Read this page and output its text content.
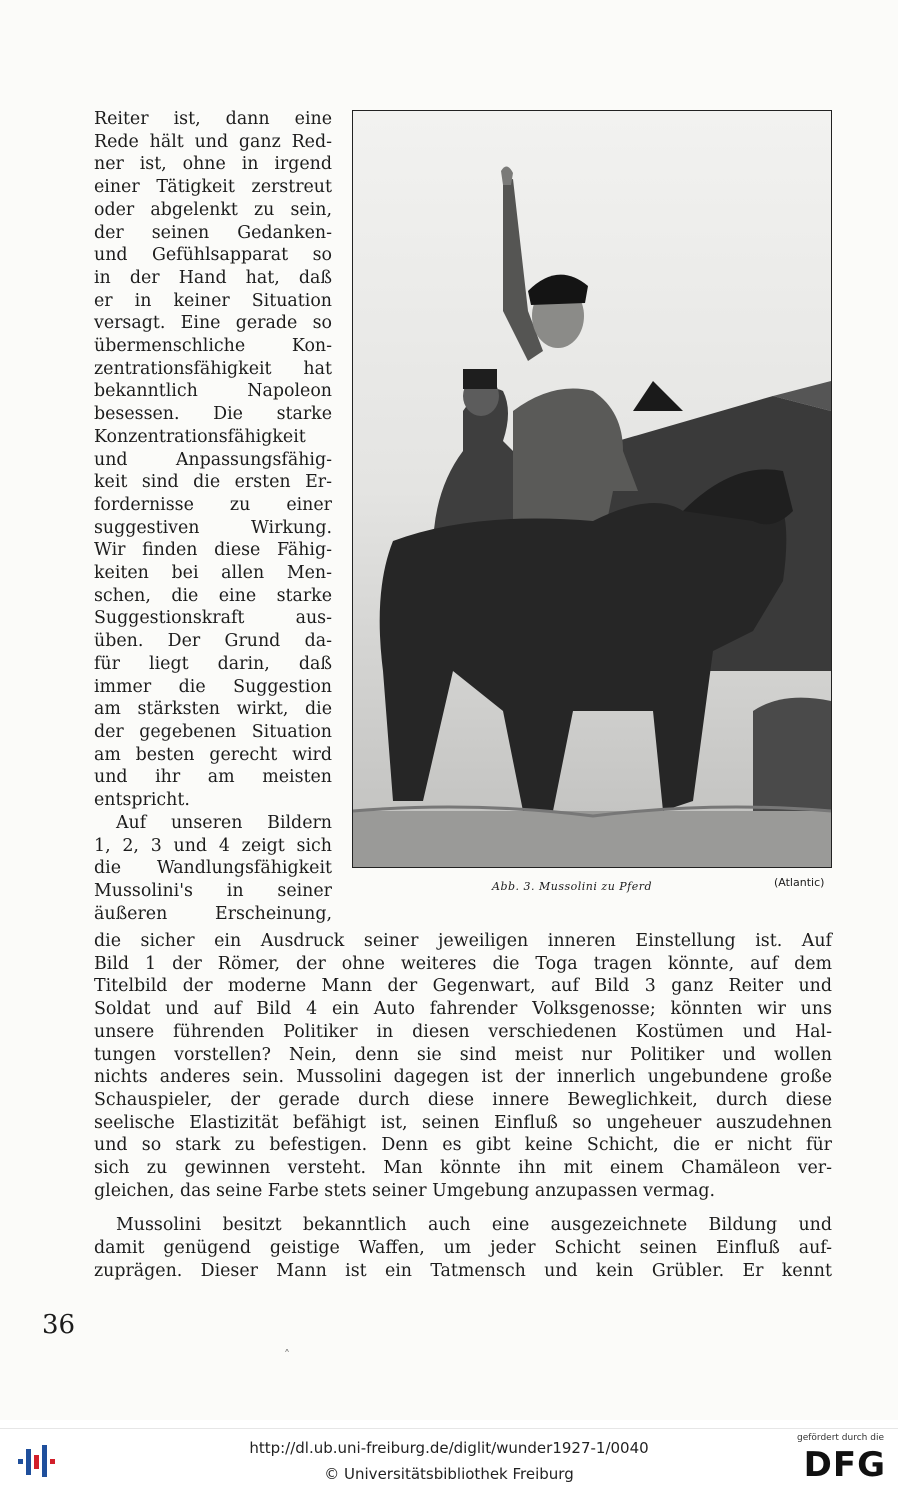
Reiter ist, dann eine
Rede hält und ganz Red-
ner ist, ohne in irgend
einer Tätigkeit zerstreut
oder abgelenkt zu sein,
der seinen Gedanken-
und Gefühlsapparat so
in der Hand hat, daß
er in keiner Situation
versagt. Eine gerade so
übermenschliche Kon-
zentrationsfähigkeit hat
bekanntlich Napoleon
besessen. Die starke
Konzentrationsfähigkeit
und Anpassungsfähig-
keit sind die ersten Er-
fordernisse zu einer
suggestiven Wirkung.
Wir finden diese Fähig-
keiten bei allen Men-
schen, die eine starke
Suggestionskraft aus-
üben. Der Grund da-
für liegt darin, daß
immer die Suggestion
am stärksten wirkt, die
der gegebenen Situation
am besten gerecht wird
und ihr am meisten
entspricht.
Auf unseren Bildern
1, 2, 3 und 4 zeigt sich
die Wandlungsfähigkeit
Mussolini's in seiner
äußeren Erscheinung,
Abb. 3. Mussolini zu Pferd	(Atlantic)
die sicher ein Ausdruck seiner jeweiligen inneren Einstellung ist. Auf
Bild 1 der Römer, der ohne weiteres die Toga tragen könnte, auf dem
Titelbild der moderne Mann der Gegenwart, auf Bild 3 ganz Reiter und
Soldat und auf Bild 4 ein Auto fahrender Volksgenosse; könnten wir uns
unsere führenden Politiker in diesen verschiedenen Kostümen und Hal-
tungen vorstellen? Nein, denn sie sind meist nur Politiker und wollen
nichts anderes sein. Mussolini dagegen ist der innerlich ungebundene große
Schauspieler, der gerade durch diese innere Beweglichkeit, durch diese
seelische Elastizität befähigt ist, seinen Einfluß so ungeheuer auszudehnen
und so stark zu befestigen. Denn es gibt keine Schicht, die er nicht für
sich zu gewinnen versteht. Man könnte ihn mit einem Chamäleon ver-
gleichen, das seine Farbe stets seiner Umgebung anzupassen vermag.
Mussolini besitzt bekanntlich auch eine ausgezeichnete Bildung und
damit genügend geistige Waffen, um jeder Schicht seinen Einfluß auf-
zuprägen. Dieser Mann ist ein Tatmensch und kein Grübler. Er kennt
36
˄
http://dl.ub.uni-freiburg.de/diglit/wunder1927-1/0040
© Universitätsbibliothek Freiburg
gefördert durch die
DFG
